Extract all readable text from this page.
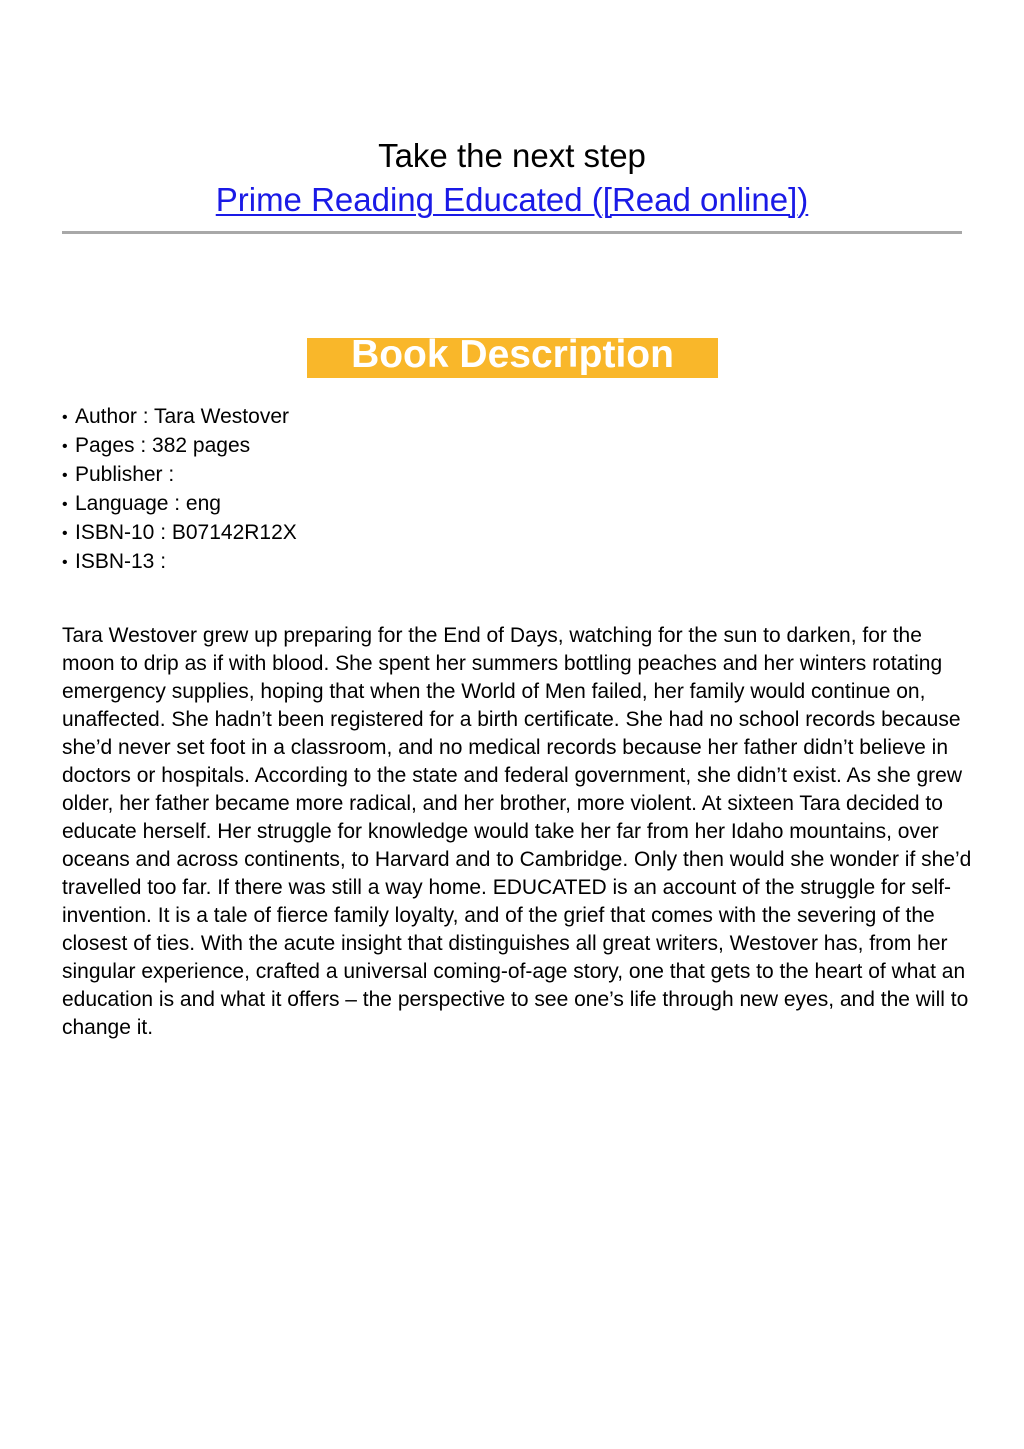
Take the next step
Prime Reading Educated ([Read online])
Book Description
• Author : Tara Westover
• Pages : 382 pages
• Publisher :
• Language : eng
• ISBN-10 : B07142R12X
• ISBN-13 :

Tara Westover grew up preparing for the End of Days, watching for the sun to darken, for the moon to drip as if with blood. She spent her summers bottling peaches and her winters rotating emergency supplies, hoping that when the World of Men failed, her family would continue on, unaffected. She hadn’t been registered for a birth certificate. She had no school records because she’d never set foot in a classroom, and no medical records because her father didn’t believe in doctors or hospitals. According to the state and federal government, she didn’t exist. As she grew older, her father became more radical, and her brother, more violent. At sixteen Tara decided to educate herself. Her struggle for knowledge would take her far from her Idaho mountains, over oceans and across continents, to Harvard and to Cambridge. Only then would she wonder if she’d travelled too far. If there was still a way home. EDUCATED is an account of the struggle for self-invention. It is a tale of fierce family loyalty, and of the grief that comes with the severing of the closest of ties. With the acute insight that distinguishes all great writers, Westover has, from her singular experience, crafted a universal coming-of-age story, one that gets to the heart of what an education is and what it offers – the perspective to see one’s life through new eyes, and the will to change it.
